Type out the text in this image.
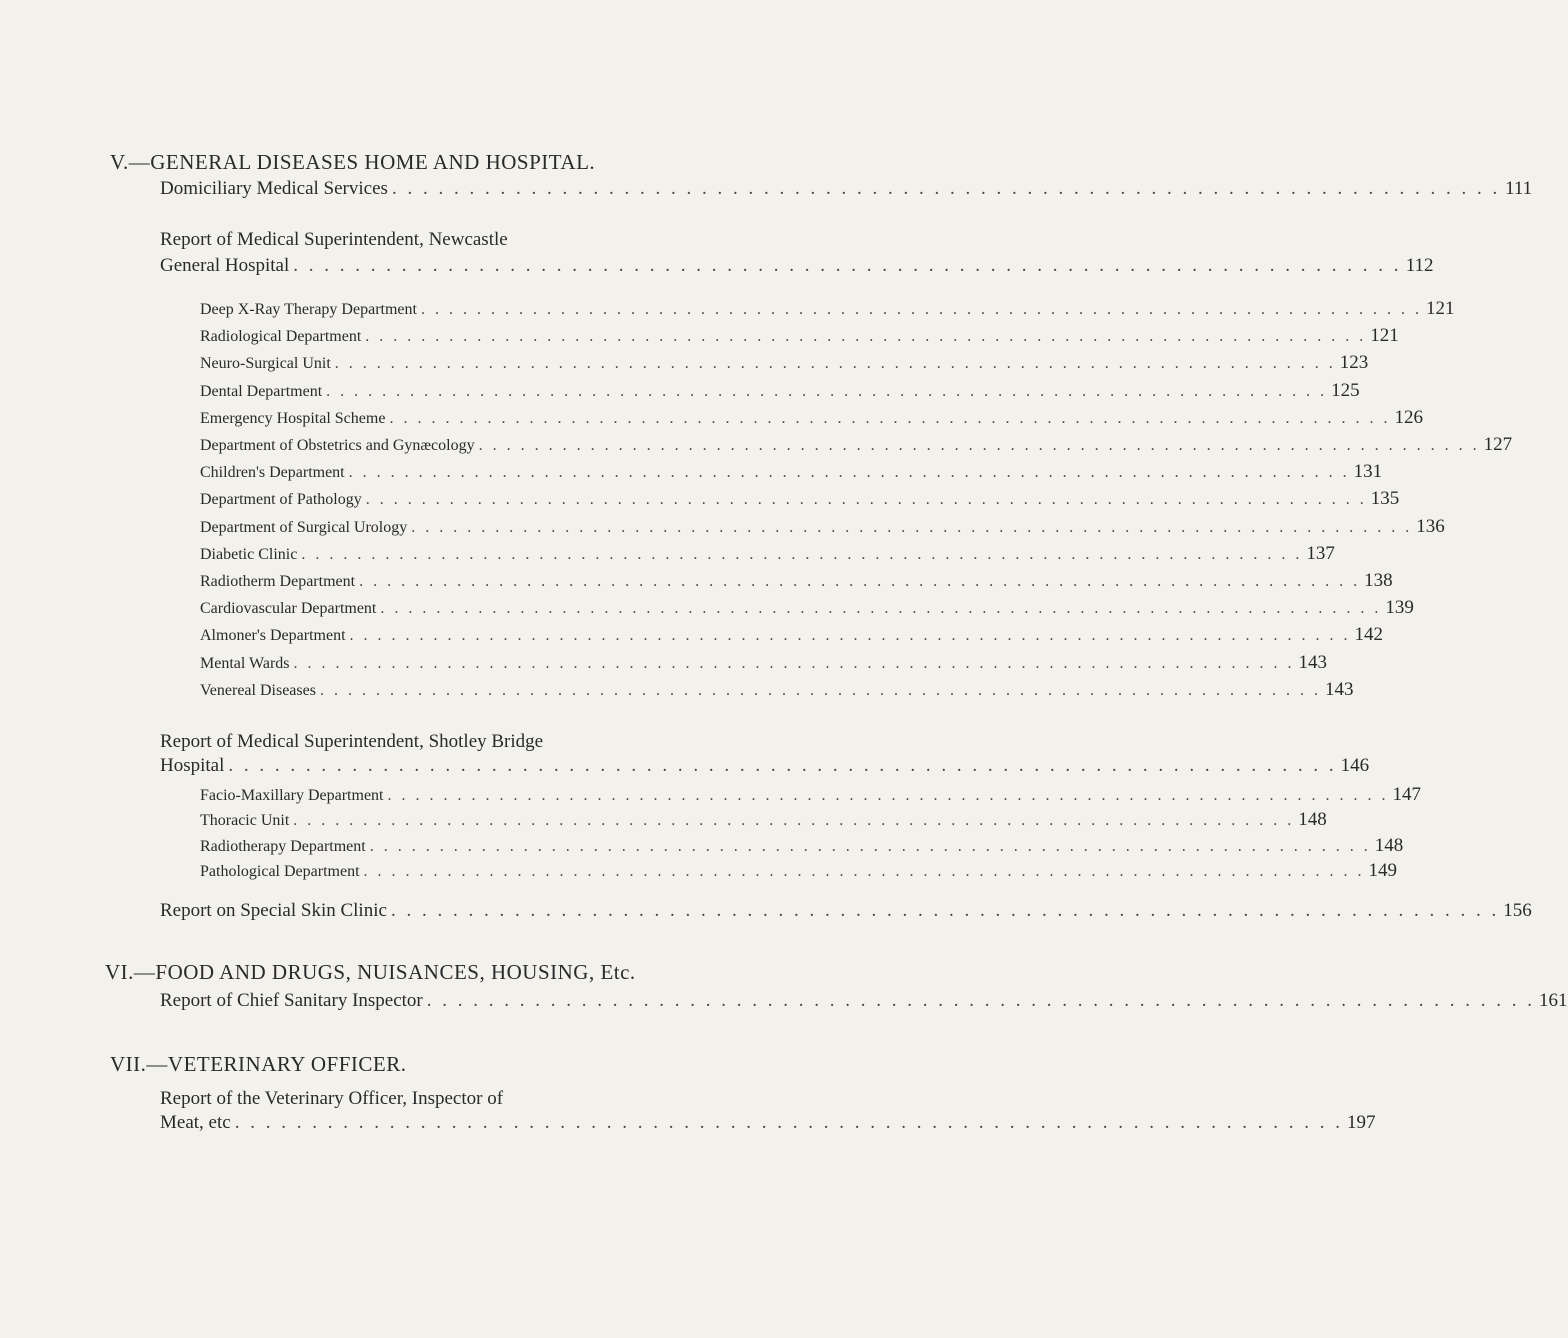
V.—GENERAL DISEASES HOME AND HOSPITAL.
Domiciliary Medical Services . . . . . . . . . . . . . . . . . . . . . . . . . . . . . . . . . . . . . . . . . . . . . . . . . . . . . . . . . . . . . . . . . . . . . . . . 111
Report of Medical Superintendent, Newcastle
General Hospital . . . . . . . . . . . . . . . . . . . . . . . . . . . . . . . . . . . . . . . . . . . . . . . . . . . . . . . . . . . . . . . . . . . . . . . . 112
Deep X-Ray Therapy Department . . . . . . . . . . . . . . . . . . . . . . . . . . . . . . . . . . . . . . . . . . . . . . . . . . . . . . . . . . . . . . . . . . . . . . . . 121
Radiological Department . . . . . . . . . . . . . . . . . . . . . . . . . . . . . . . . . . . . . . . . . . . . . . . . . . . . . . . . . . . . . . . . . . . . . . . . 121
Neuro-Surgical Unit . . . . . . . . . . . . . . . . . . . . . . . . . . . . . . . . . . . . . . . . . . . . . . . . . . . . . . . . . . . . . . . . . . . . . . . . 123
Dental Department . . . . . . . . . . . . . . . . . . . . . . . . . . . . . . . . . . . . . . . . . . . . . . . . . . . . . . . . . . . . . . . . . . . . . . . . 125
Emergency Hospital Scheme . . . . . . . . . . . . . . . . . . . . . . . . . . . . . . . . . . . . . . . . . . . . . . . . . . . . . . . . . . . . . . . . . . . . . . . . 126
Department of Obstetrics and Gynæcology . . . . . . . . . . . . . . . . . . . . . . . . . . . . . . . . . . . . . . . . . . . . . . . . . . . . . . . . . . . . . . . . . . . . . . . . 127
Children's Department . . . . . . . . . . . . . . . . . . . . . . . . . . . . . . . . . . . . . . . . . . . . . . . . . . . . . . . . . . . . . . . . . . . . . . . . 131
Department of Pathology . . . . . . . . . . . . . . . . . . . . . . . . . . . . . . . . . . . . . . . . . . . . . . . . . . . . . . . . . . . . . . . . . . . . . . . . 135
Department of Surgical Urology . . . . . . . . . . . . . . . . . . . . . . . . . . . . . . . . . . . . . . . . . . . . . . . . . . . . . . . . . . . . . . . . . . . . . . . . 136
Diabetic Clinic . . . . . . . . . . . . . . . . . . . . . . . . . . . . . . . . . . . . . . . . . . . . . . . . . . . . . . . . . . . . . . . . . . . . . . . . 137
Radiotherm Department . . . . . . . . . . . . . . . . . . . . . . . . . . . . . . . . . . . . . . . . . . . . . . . . . . . . . . . . . . . . . . . . . . . . . . . . 138
Cardiovascular Department . . . . . . . . . . . . . . . . . . . . . . . . . . . . . . . . . . . . . . . . . . . . . . . . . . . . . . . . . . . . . . . . . . . . . . . . 139
Almoner's Department . . . . . . . . . . . . . . . . . . . . . . . . . . . . . . . . . . . . . . . . . . . . . . . . . . . . . . . . . . . . . . . . . . . . . . . . 142
Mental Wards . . . . . . . . . . . . . . . . . . . . . . . . . . . . . . . . . . . . . . . . . . . . . . . . . . . . . . . . . . . . . . . . . . . . . . . . 143
Venereal Diseases . . . . . . . . . . . . . . . . . . . . . . . . . . . . . . . . . . . . . . . . . . . . . . . . . . . . . . . . . . . . . . . . . . . . . . . . 143
Report of Medical Superintendent, Shotley Bridge
Hospital . . . . . . . . . . . . . . . . . . . . . . . . . . . . . . . . . . . . . . . . . . . . . . . . . . . . . . . . . . . . . . . . . . . . . . . . 146
Facio-Maxillary Department . . . . . . . . . . . . . . . . . . . . . . . . . . . . . . . . . . . . . . . . . . . . . . . . . . . . . . . . . . . . . . . . . . . . . . . . 147
Thoracic Unit . . . . . . . . . . . . . . . . . . . . . . . . . . . . . . . . . . . . . . . . . . . . . . . . . . . . . . . . . . . . . . . . . . . . . . . . 148
Radiotherapy Department . . . . . . . . . . . . . . . . . . . . . . . . . . . . . . . . . . . . . . . . . . . . . . . . . . . . . . . . . . . . . . . . . . . . . . . . 148
Pathological Department . . . . . . . . . . . . . . . . . . . . . . . . . . . . . . . . . . . . . . . . . . . . . . . . . . . . . . . . . . . . . . . . . . . . . . . . 149
Report on Special Skin Clinic . . . . . . . . . . . . . . . . . . . . . . . . . . . . . . . . . . . . . . . . . . . . . . . . . . . . . . . . . . . . . . . . . . . . . . . . 156
VI.—FOOD AND DRUGS, NUISANCES, HOUSING, Etc.
Report of Chief Sanitary Inspector . . . . . . . . . . . . . . . . . . . . . . . . . . . . . . . . . . . . . . . . . . . . . . . . . . . . . . . . . . . . . . . . . . . . . . . . 161
VII.—VETERINARY OFFICER.
Report of the Veterinary Officer, Inspector of
Meat, etc . . . . . . . . . . . . . . . . . . . . . . . . . . . . . . . . . . . . . . . . . . . . . . . . . . . . . . . . . . . . . . . . . . . . . . . . 197
